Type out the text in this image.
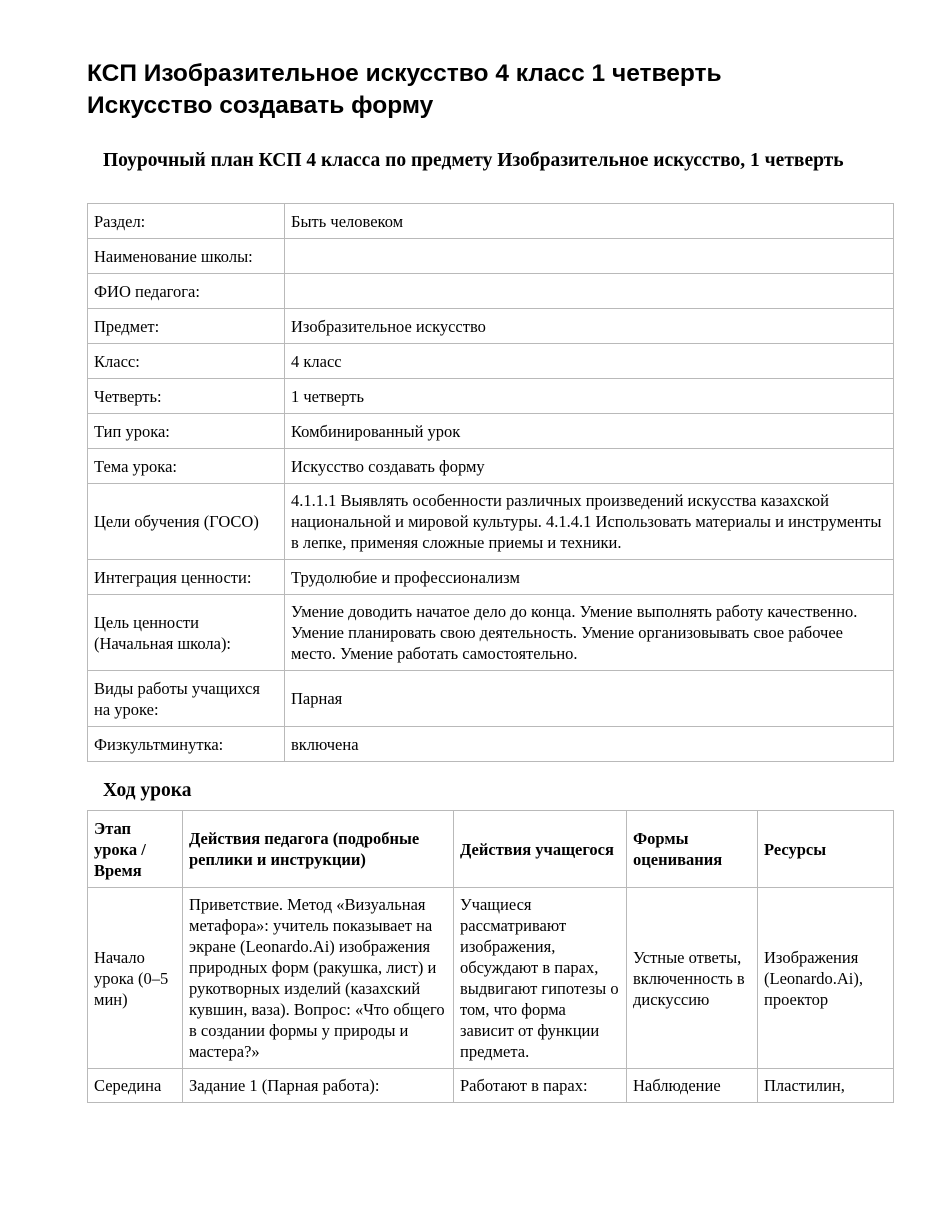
КСП Изобразительное искусство 4 класс 1 четверть
Искусство создавать форму
Поурочный план КСП 4 класса по предмету Изобразительное искусство, 1 четверть
Раздел:	Быть человеком
Наименование школы:	
ФИО педагога:	
Предмет:	Изобразительное искусство
Класс:	4 класс
Четверть:	1 четверть
Тип урока:	Комбинированный урок
Тема урока:	Искусство создавать форму
Цели обучения (ГОСО)	4.1.1.1 Выявлять особенности различных произведений искусства казахской национальной и мировой культуры. 4.1.4.1 Использовать материалы и инструменты в лепке, применяя сложные приемы и техники.
Интеграция ценности:	Трудолюбие и профессионализм
Цель ценности (Начальная школа):	Умение доводить начатое дело до конца. Умение выполнять работу качественно. Умение планировать свою деятельность. Умение организовывать свое рабочее место. Умение работать самостоятельно.
Виды работы учащихся на уроке:	Парная
Физкультминутка:	включена
Ход урока
Этап урока / Время	Действия педагога (подробные реплики и инструкции)	Действия учащегося	Формы оценивания	Ресурсы
Начало урока (0–5 мин)	Приветствие. Метод «Визуальная метафора»: учитель показывает на экране (Leonardo.Ai) изображения природных форм (ракушка, лист) и рукотворных изделий (казахский кувшин, ваза). Вопрос: «Что общего в создании формы у природы и мастера?»	Учащиеся рассматривают изображения, обсуждают в парах, выдвигают гипотезы о том, что форма зависит от функции предмета.	Устные ответы, включенность в дискуссию	Изображения (Leonardo.Ai), проектор
Середина	Задание 1 (Парная работа):	Работают в парах:	Наблюдение	Пластилин,
